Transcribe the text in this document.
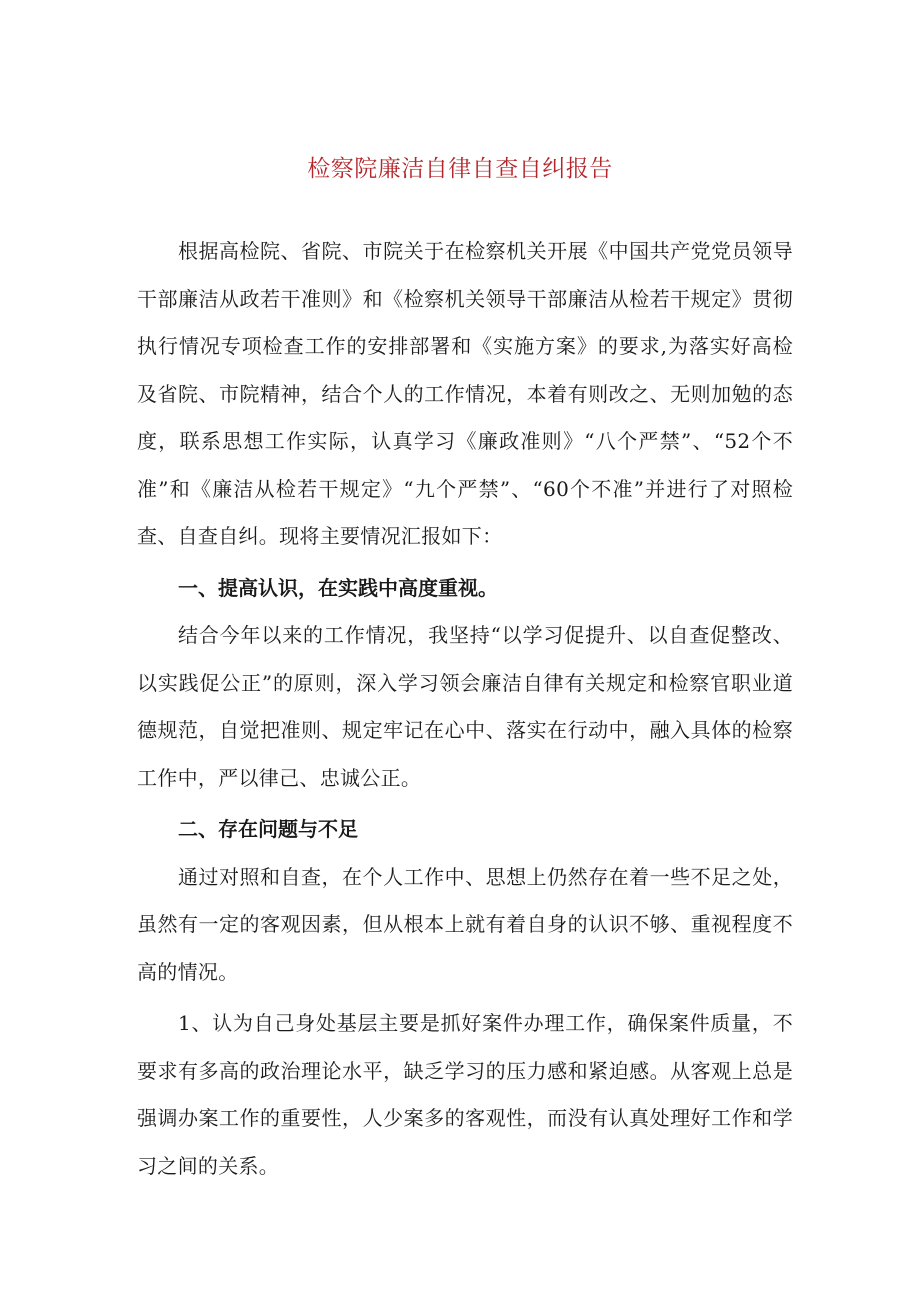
检察院廉洁自律自查自纠报告

根据高检院、省院、市院关于在检察机关开展《中国共产党党员领导干部廉洁从政若干准则》和《检察机关领导干部廉洁从检若干规定》贯彻执行情况专项检查工作的安排部署和《实施方案》的要求,为落实好高检及省院、市院精神，结合个人的工作情况，本着有则改之、无则加勉的态度，联系思想工作实际，认真学习《廉政准则》“八个严禁”、“52个不准”和《廉洁从检若干规定》“九个严禁”、“60个不准”并进行了对照检查、自查自纠。现将主要情况汇报如下：

一、提高认识，在实践中高度重视。

结合今年以来的工作情况，我坚持“以学习促提升、以自查促整改、以实践促公正”的原则，深入学习领会廉洁自律有关规定和检察官职业道德规范，自觉把准则、规定牢记在心中、落实在行动中，融入具体的检察工作中，严以律己、忠诚公正。

二、存在问题与不足

通过对照和自查，在个人工作中、思想上仍然存在着一些不足之处，虽然有一定的客观因素，但从根本上就有着自身的认识不够、重视程度不高的情况。

1、认为自己身处基层主要是抓好案件办理工作，确保案件质量，不要求有多高的政治理论水平，缺乏学习的压力感和紧迫感。从客观上总是强调办案工作的重要性，人少案多的客观性，而没有认真处理好工作和学习之间的关系。
